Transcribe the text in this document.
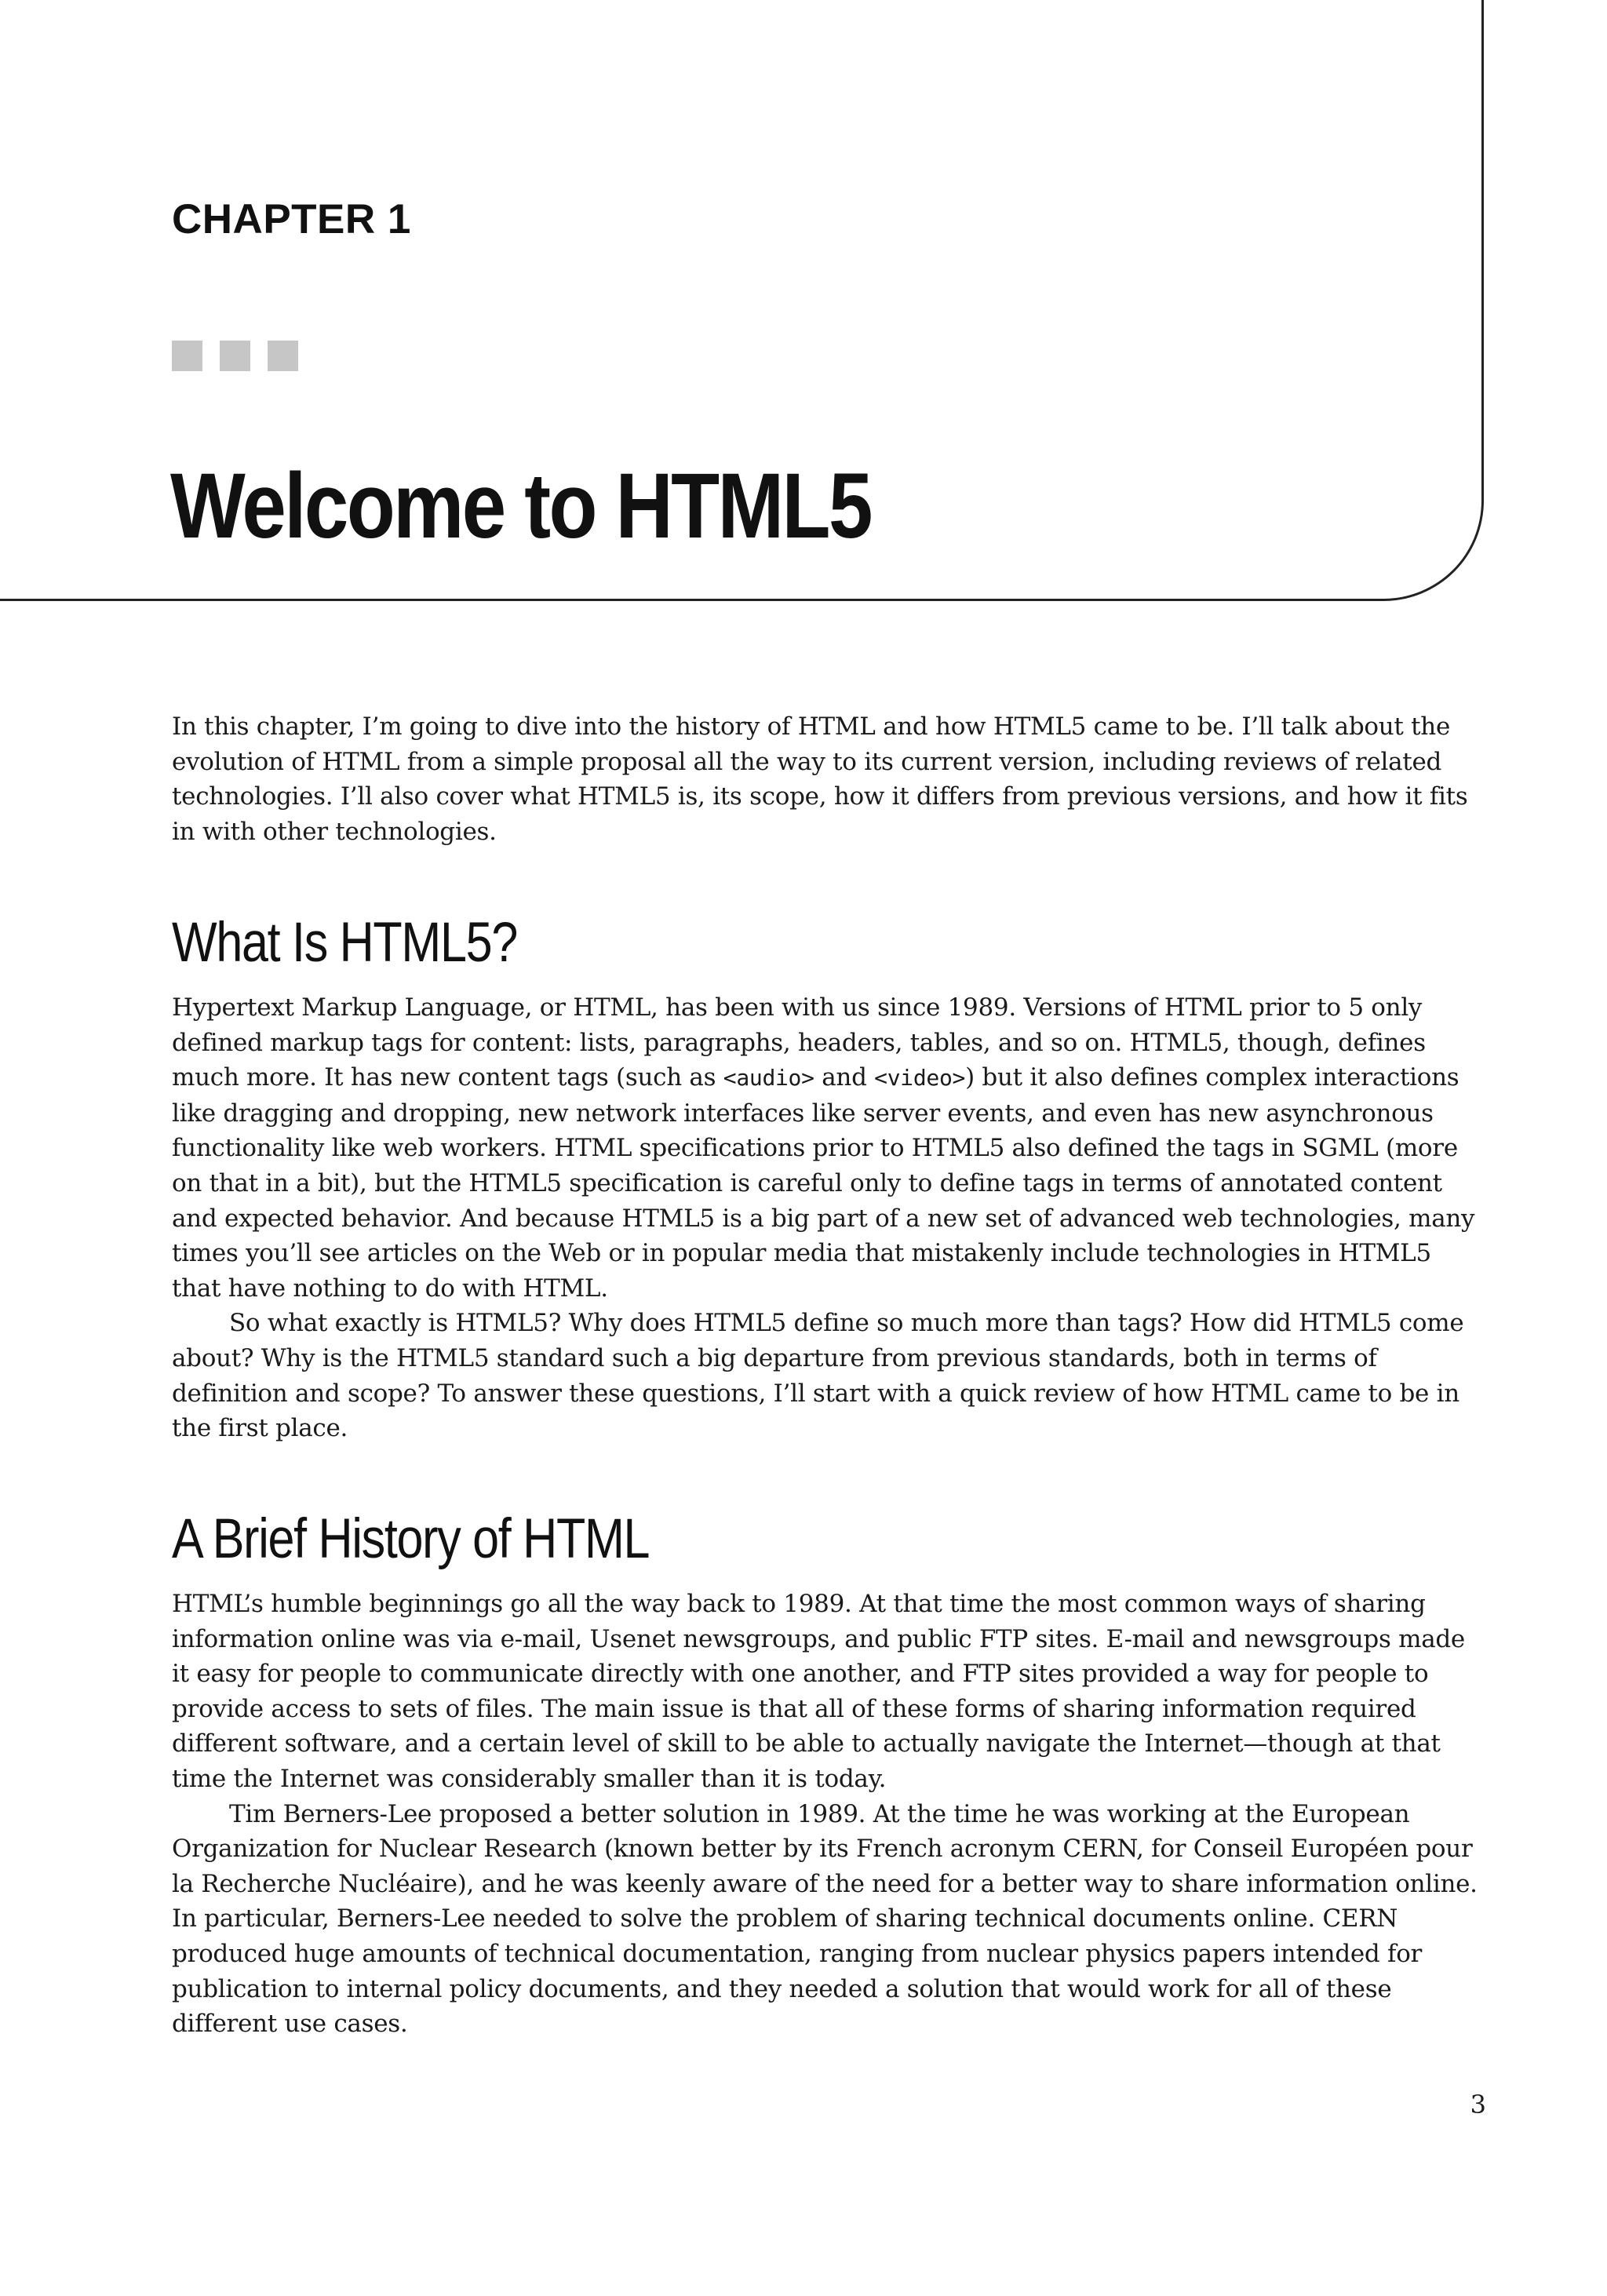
CHAPTER 1
Welcome to HTML5

In this chapter, I’m going to dive into the history of HTML and how HTML5 came to be. I’ll talk about the evolution of HTML from a simple proposal all the way to its current version, including reviews of related technologies. I’ll also cover what HTML5 is, its scope, how it differs from previous versions, and how it fits in with other technologies.

What Is HTML5?

Hypertext Markup Language, or HTML, has been with us since 1989. Versions of HTML prior to 5 only defined markup tags for content: lists, paragraphs, headers, tables, and so on. HTML5, though, defines much more. It has new content tags (such as <audio> and <video>) but it also defines complex interactions like dragging and dropping, new network interfaces like server events, and even has new asynchronous functionality like web workers. HTML specifications prior to HTML5 also defined the tags in SGML (more on that in a bit), but the HTML5 specification is careful only to define tags in terms of annotated content and expected behavior. And because HTML5 is a big part of a new set of advanced web technologies, many times you’ll see articles on the Web or in popular media that mistakenly include technologies in HTML5 that have nothing to do with HTML.

So what exactly is HTML5? Why does HTML5 define so much more than tags? How did HTML5 come about? Why is the HTML5 standard such a big departure from previous standards, both in terms of definition and scope? To answer these questions, I’ll start with a quick review of how HTML came to be in the first place.

A Brief History of HTML

HTML’s humble beginnings go all the way back to 1989. At that time the most common ways of sharing information online was via e-mail, Usenet newsgroups, and public FTP sites. E-mail and newsgroups made it easy for people to communicate directly with one another, and FTP sites provided a way for people to provide access to sets of files. The main issue is that all of these forms of sharing information required different software, and a certain level of skill to be able to actually navigate the Internet—though at that time the Internet was considerably smaller than it is today.

Tim Berners-Lee proposed a better solution in 1989. At the time he was working at the European Organization for Nuclear Research (known better by its French acronym CERN, for Conseil Européen pour la Recherche Nucléaire), and he was keenly aware of the need for a better way to share information online. In particular, Berners-Lee needed to solve the problem of sharing technical documents online. CERN produced huge amounts of technical documentation, ranging from nuclear physics papers intended for publication to internal policy documents, and they needed a solution that would work for all of these different use cases.

3
